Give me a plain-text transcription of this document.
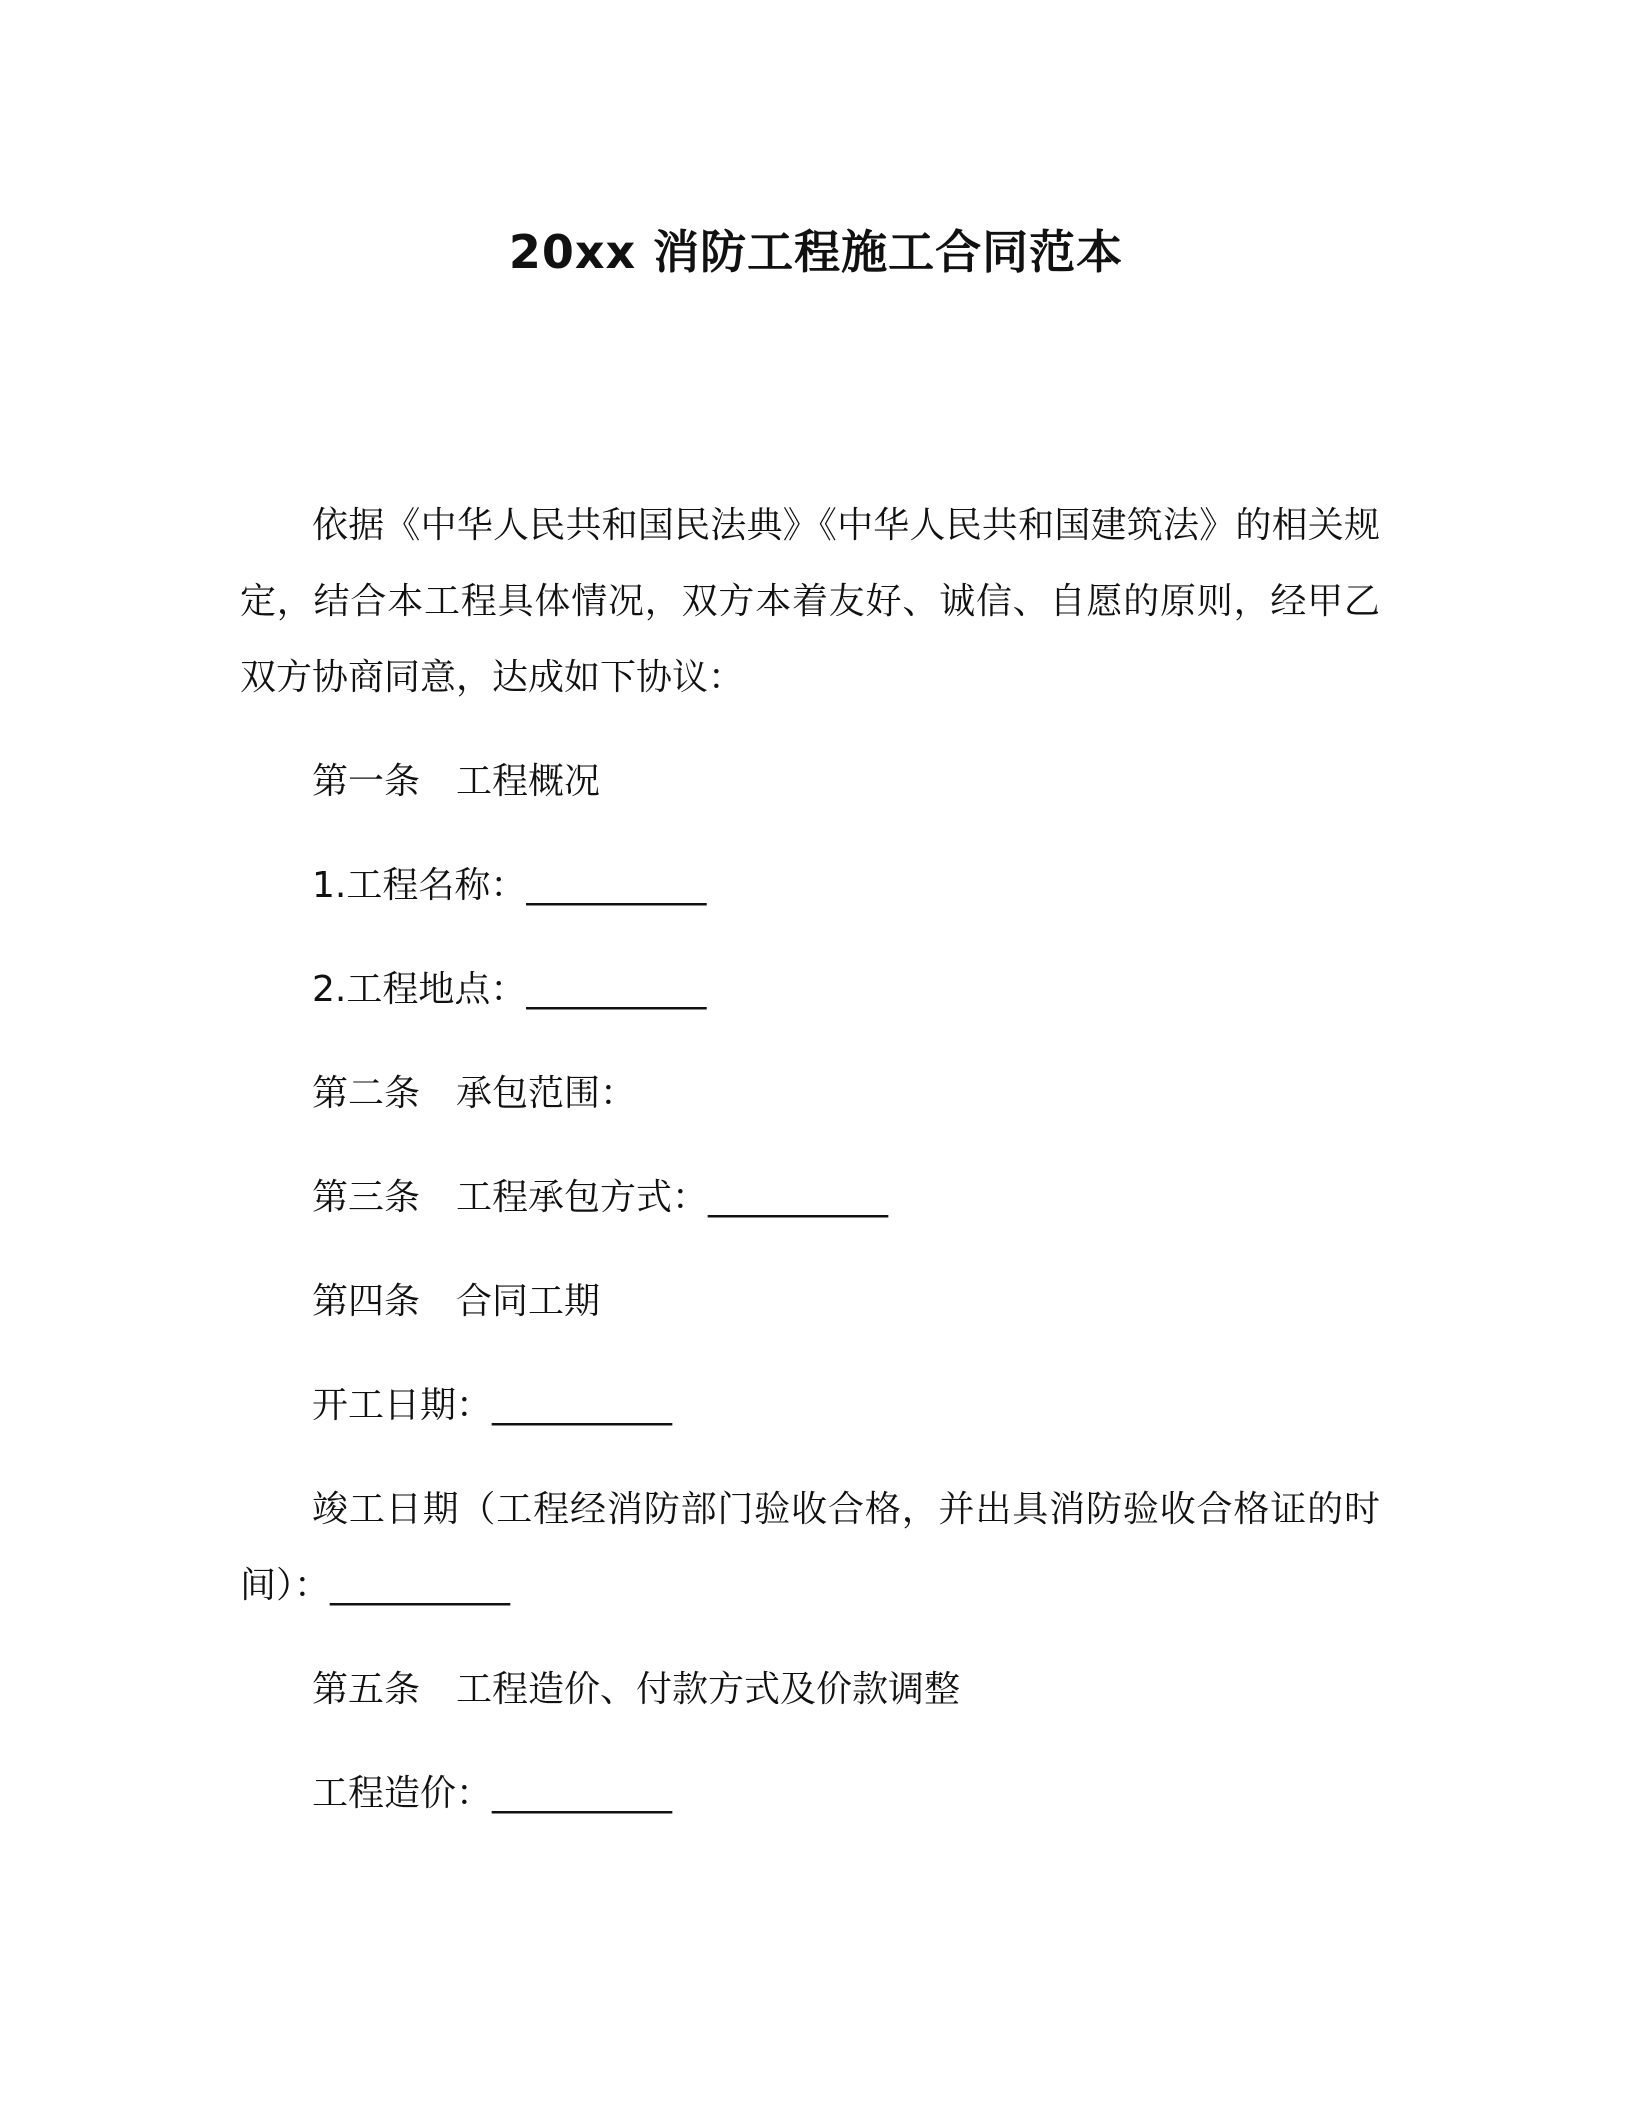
20xx 消防工程施工合同范本

依据《中华人民共和国民法典》《中华人民共和国建筑法》的相关规定，结合本工程具体情况，双方本着友好、诚信、自愿的原则，经甲乙双方协商同意，达成如下协议：

第一条　工程概况

1.工程名称：__________

2.工程地点：__________

第二条　承包范围：

第三条　工程承包方式：__________

第四条　合同工期

开工日期：__________

竣工日期（工程经消防部门验收合格，并出具消防验收合格证的时间）：__________

第五条　工程造价、付款方式及价款调整

工程造价：__________
